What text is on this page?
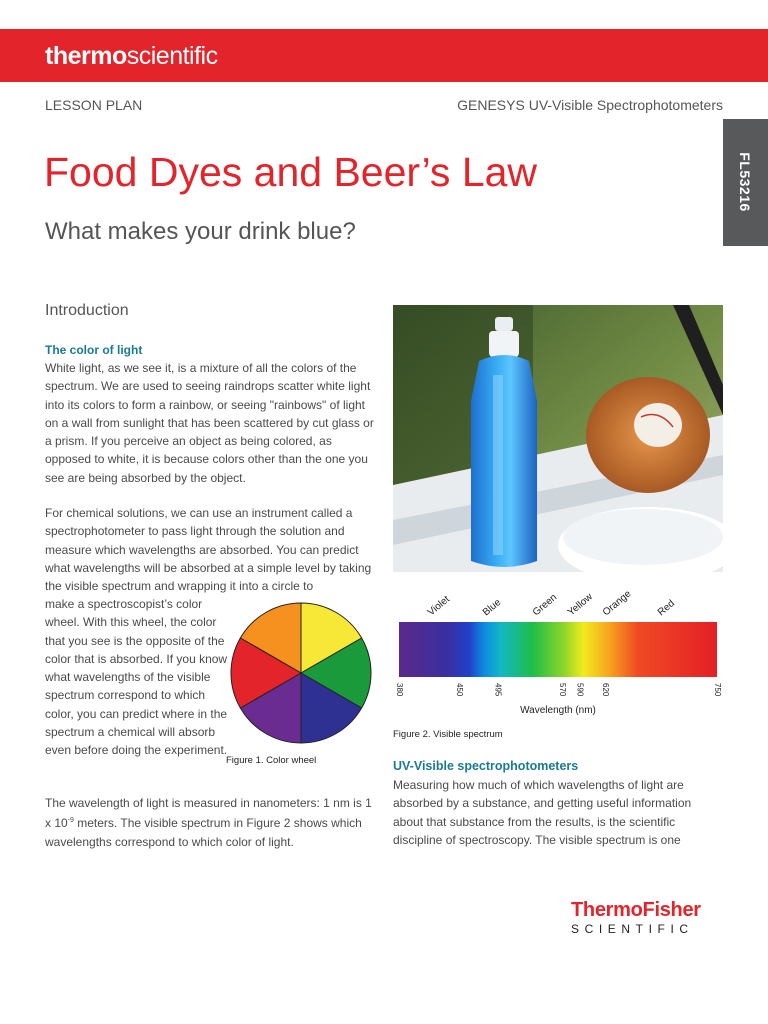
thermoscientific
LESSON PLAN	GENESYS UV-Visible Spectrophotometers
FL53216
Food Dyes and Beer’s Law
What makes your drink blue?
Introduction

The color of light

White light, as we see it, is a mixture of all the colors of the spectrum. We are used to seeing raindrops scatter white light into its colors to form a rainbow, or seeing "rainbows" of light on a wall from sunlight that has been scattered by cut glass or a prism. If you perceive an object as being colored, as opposed to white, it is because colors other than the one you see are being absorbed by the object.

For chemical solutions, we can use an instrument called a spectrophotometer to pass light through the solution and measure which wavelengths are absorbed. You can predict what wavelengths will be absorbed at a simple level by taking the visible spectrum and wrapping it into a circle to

make a spectroscopist’s color wheel. With this wheel, the color that you see is the opposite of the color that is absorbed. If you know what wavelengths of the visible spectrum correspond to which color, you can predict where in the spectrum a chemical will absorb even before doing the experiment.

The wavelength of light is measured in nanometers: 1 nm is 1 x $10^{-9}$ meters. The visible spectrum in Figure 2 shows which wavelengths correspond to which color of light.

Figure 1. Color wheel
Violet	Blue	Green Yellow Orange Red
380	450	495	570 590 620	750
Wavelength (nm)
Figure 2. Visible spectrum

UV-Visible spectrophotometers

Measuring how much of which wavelengths of light are absorbed by a substance, and getting useful information about that substance from the results, is the scientific discipline of spectroscopy. The visible spectrum is one

ThermoFisher
SCIENTIFIC
